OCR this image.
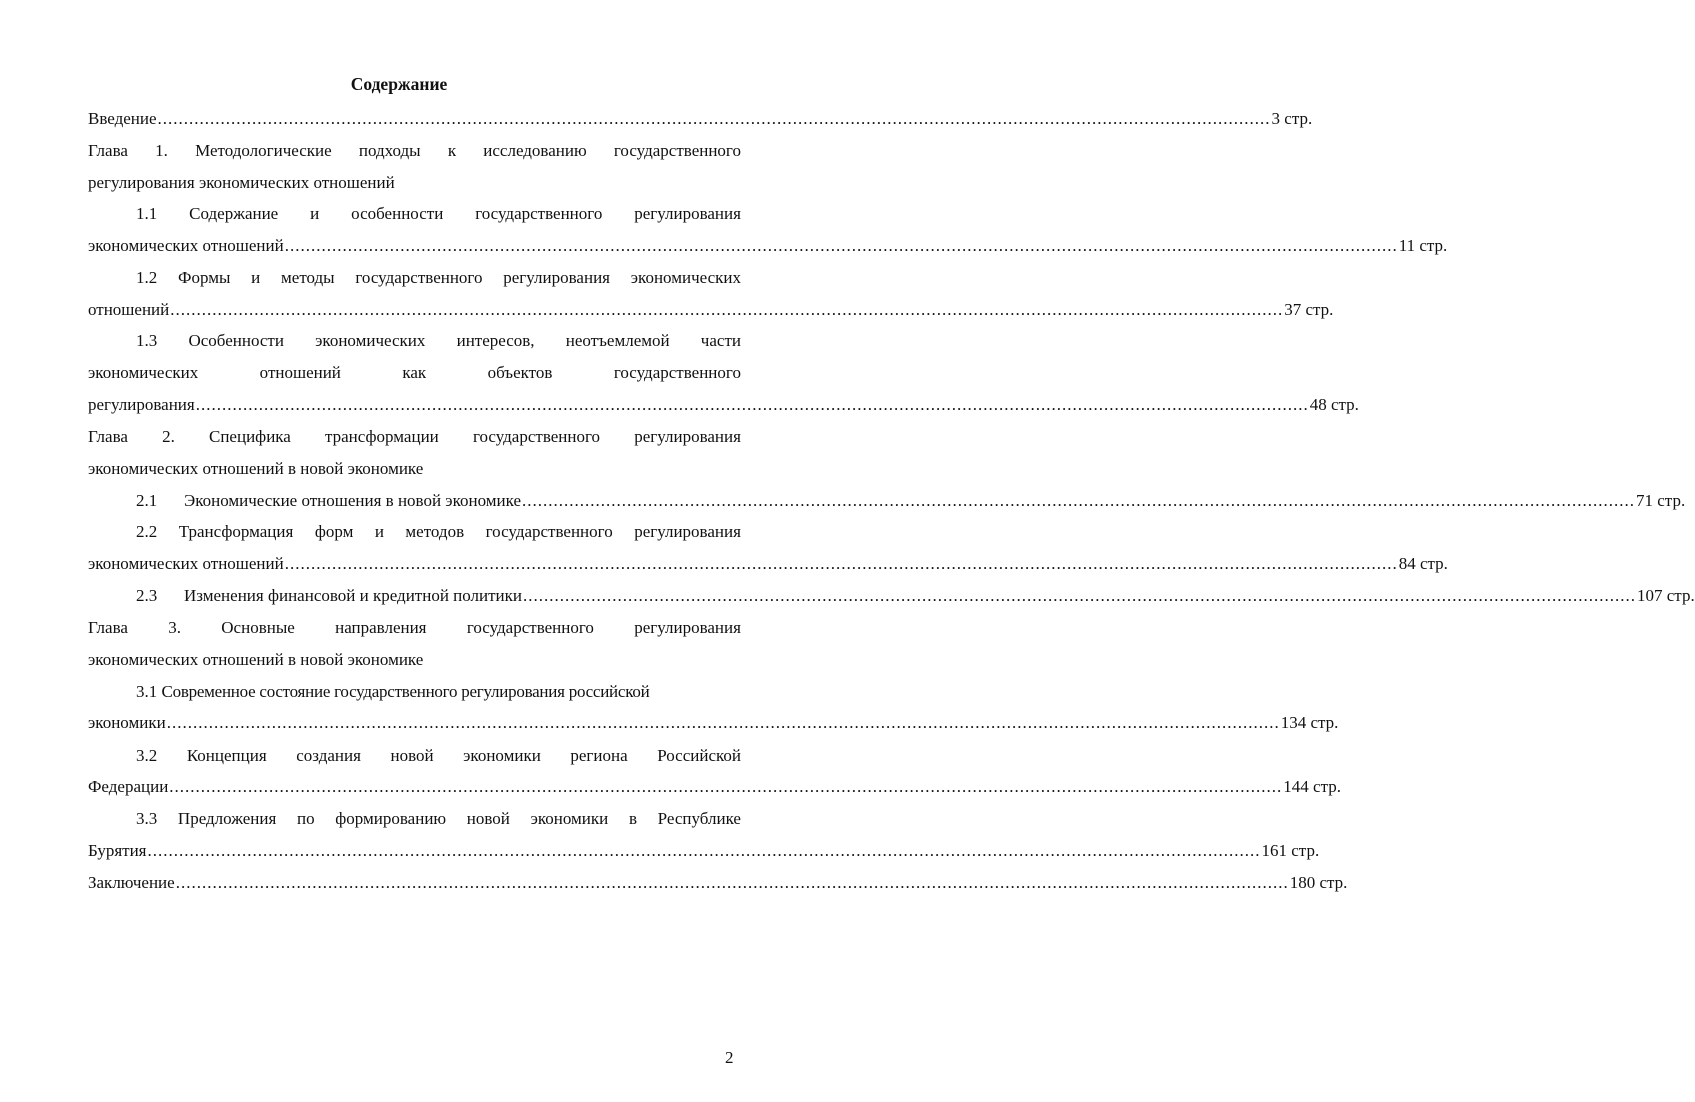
Содержание
Введение .................................................................................................................................................................................................................... 3 стр.
Глава 1. Методологические подходы к исследованию государственного
регулирования экономических отношений
1.1 Содержание и особенности государственного регулирования
экономических отношений .................................................................................................................................................................................................................... 11 стр.
1.2 Формы и методы государственного регулирования экономических
отношений .................................................................................................................................................................................................................... 37 стр.
1.3 Особенности экономических интересов, неотъемлемой части
экономических	отношений	как	объектов	государственного
регулирования .................................................................................................................................................................................................................... 48 стр.
Глава 2. Специфика трансформации государственного регулирования
экономических отношений в новой экономике
2.1 Экономические отношения в новой экономике .................................................................................................................................................................................................................... 71 стр.
2.2 Трансформация форм и методов государственного регулирования
экономических отношений .................................................................................................................................................................................................................... 84 стр.
2.3 Изменения финансовой и кредитной политики .................................................................................................................................................................................................................... 107 стр.
Глава 3. Основные направления государственного регулирования
экономических отношений в новой экономике
3.1 Современное состояние государственного регулирования российской
экономики .................................................................................................................................................................................................................... 134 стр.
3.2 Концепция создания новой экономики региона Российской
Федерации .................................................................................................................................................................................................................... 144 стр.
3.3 Предложения по формированию новой экономики в Республике
Бурятия .................................................................................................................................................................................................................... 161 стр.
Заключение .................................................................................................................................................................................................................... 180 стр.
2
